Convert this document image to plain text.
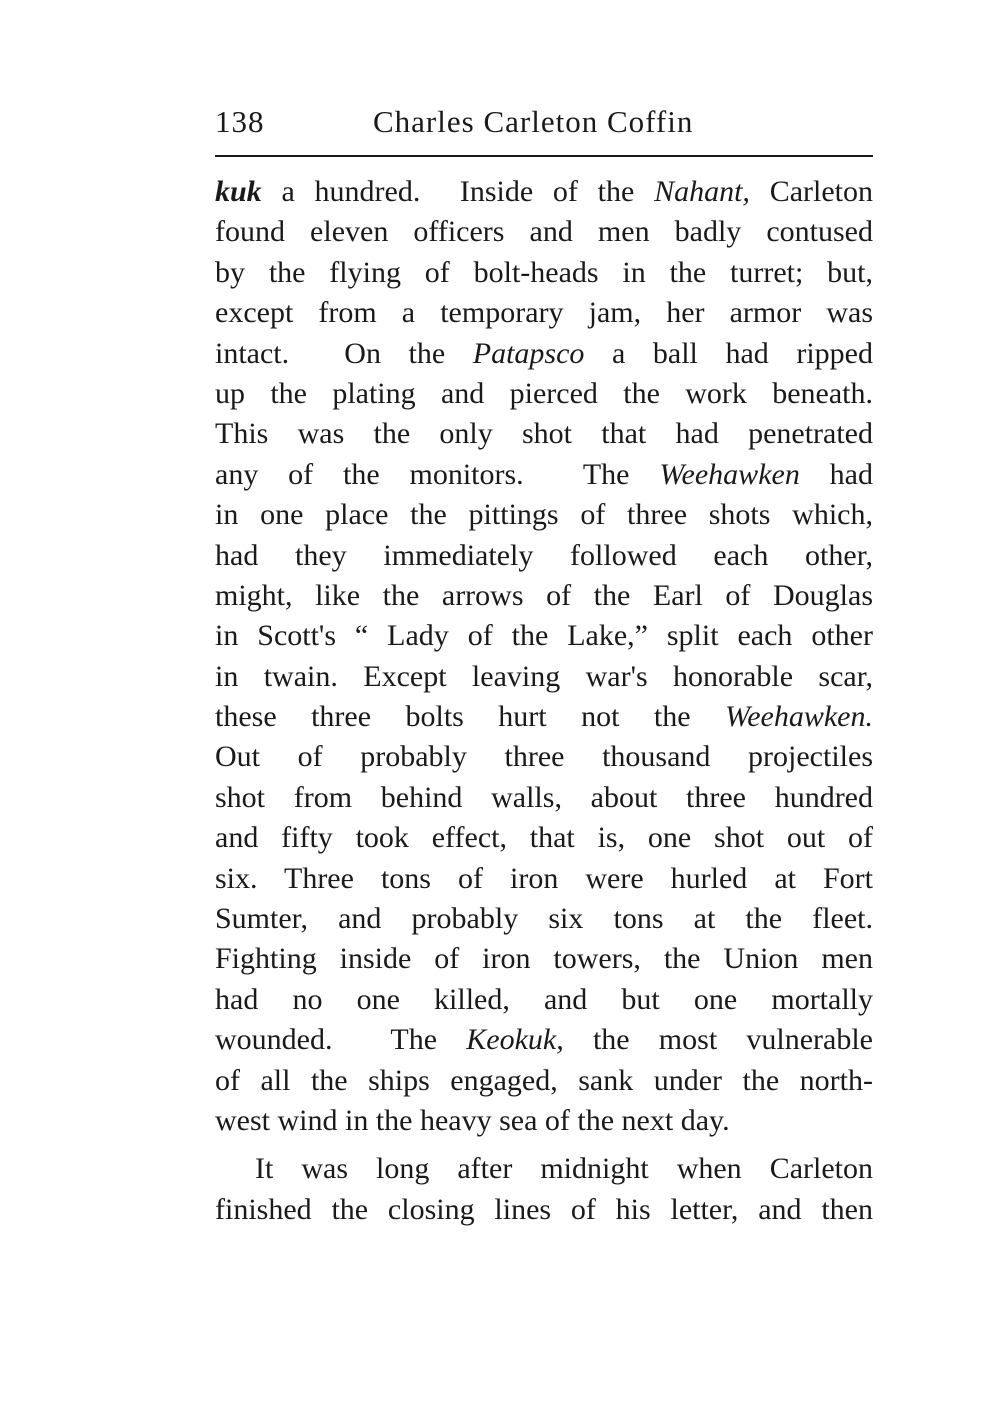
138	Charles Carleton Coffin
kuk a hundred.  Inside of the Nahant, Carleton
found eleven officers and men badly contused
by the flying of bolt-heads in the turret; but,
except from a temporary jam, her armor was
intact.  On the Patapsco a ball had ripped
up the plating and pierced the work beneath.
This was the only shot that had penetrated
any of the monitors.  The Weehawken had
in one place the pittings of three shots which,
had they immediately followed each other,
might, like the arrows of the Earl of Douglas
in Scott's “ Lady of the Lake,” split each other
in twain. Except leaving war's honorable scar,
these three bolts hurt not the Weehawken.
Out of probably three thousand projectiles
shot from behind walls, about three hundred
and fifty took effect, that is, one shot out of
six. Three tons of iron were hurled at Fort
Sumter, and probably six tons at the fleet.
Fighting inside of iron towers, the Union men
had no one killed, and but one mortally
wounded.  The Keokuk, the most vulnerable
of all the ships engaged, sank under the north-
west wind in the heavy sea of the next day.
It was long after midnight when Carleton
finished the closing lines of his letter, and then
